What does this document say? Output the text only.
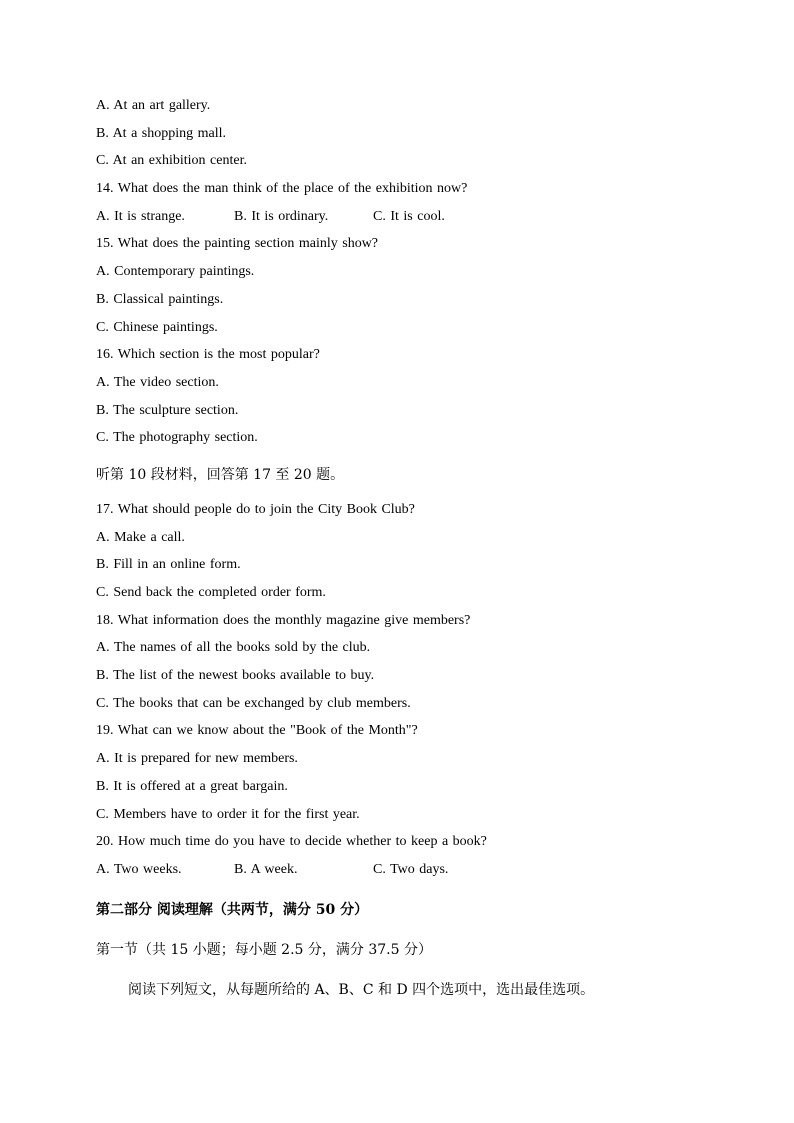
A. At an art gallery.
B. At a shopping mall.
C. At an exhibition center.
14. What does the man think of the place of the exhibition now?
A. It is strange.	B. It is ordinary.	C. It is cool.
15. What does the painting section mainly show?
A. Contemporary paintings.
B. Classical paintings.
C. Chinese paintings.
16. Which section is the most popular?
A. The video section.
B. The sculpture section.
C. The photography section.
听第 10 段材料，回答第 17 至 20 题。
17. What should people do to join the City Book Club?
A. Make a call.
B. Fill in an online form.
C. Send back the completed order form.
18. What information does the monthly magazine give members?
A. The names of all the books sold by the club.
B. The list of the newest books available to buy.
C. The books that can be exchanged by club members.
19. What can we know about the "Book of the Month"?
A. It is prepared for new members.
B. It is offered at a great bargain.
C. Members have to order it for the first year.
20. How much time do you have to decide whether to keep a book?
A. Two weeks.	B. A week.	C. Two days.
第二部分 阅读理解（共两节，满分 50 分）
第一节（共 15 小题；每小题 2.5 分，满分 37.5 分）
阅读下列短文，从每题所给的 A、B、C 和 D 四个选项中，选出最佳选项。
